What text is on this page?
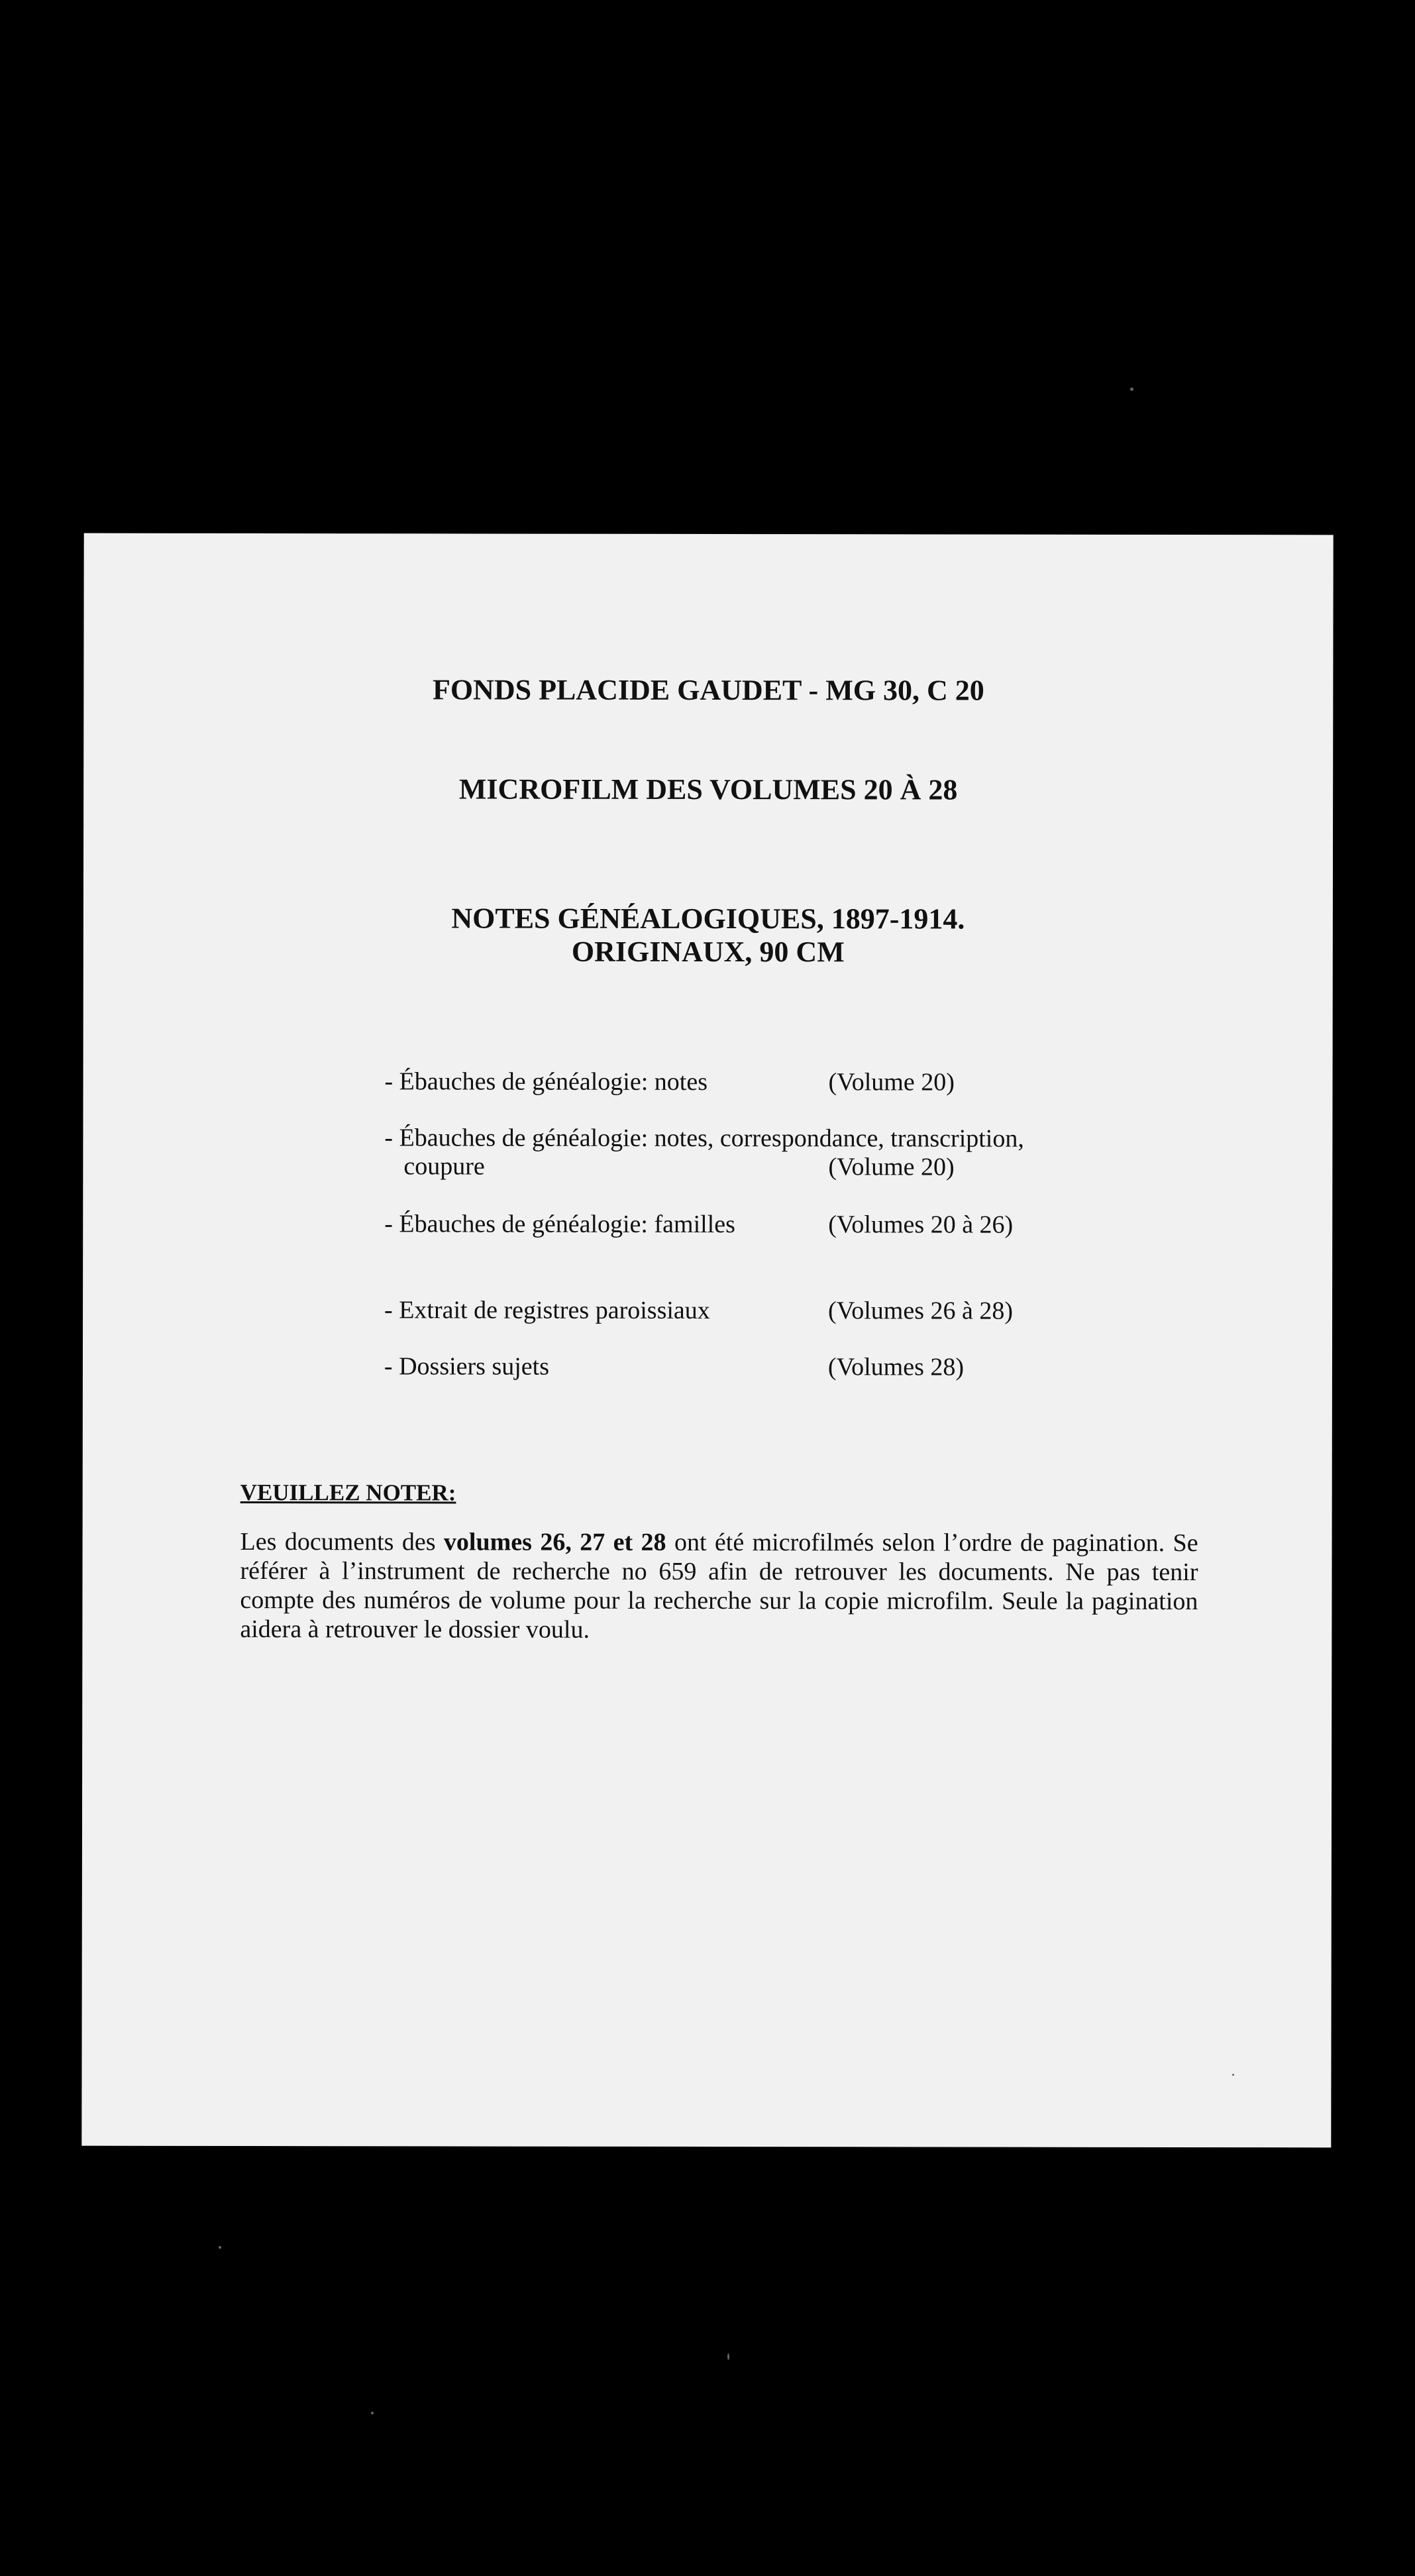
FONDS PLACIDE GAUDET - MG 30, C 20

MICROFILM DES VOLUMES 20 À 28

NOTES GÉNÉALOGIQUES, 1897-1914.

ORIGINAUX, 90 CM

- Ébauches de généalogie: notes	(Volume 20)

- Ébauches de généalogie: notes, correspondance, transcription,

coupure	(Volume 20)

- Ébauches de généalogie: familles	(Volumes 20 à 26)

- Extrait de registres paroissiaux	(Volumes 26 à 28)

- Dossiers sujets	(Volumes 28)

VEUILLEZ NOTER:

Les documents des volumes 26, 27 et 28 ont été microfilmés selon l’ordre de pagination. Se référer à l’instrument de recherche no 659 afin de retrouver les documents. Ne pas tenir compte des numéros de volume pour la recherche sur la copie microfilm. Seule la pagination aidera à retrouver le dossier voulu.
